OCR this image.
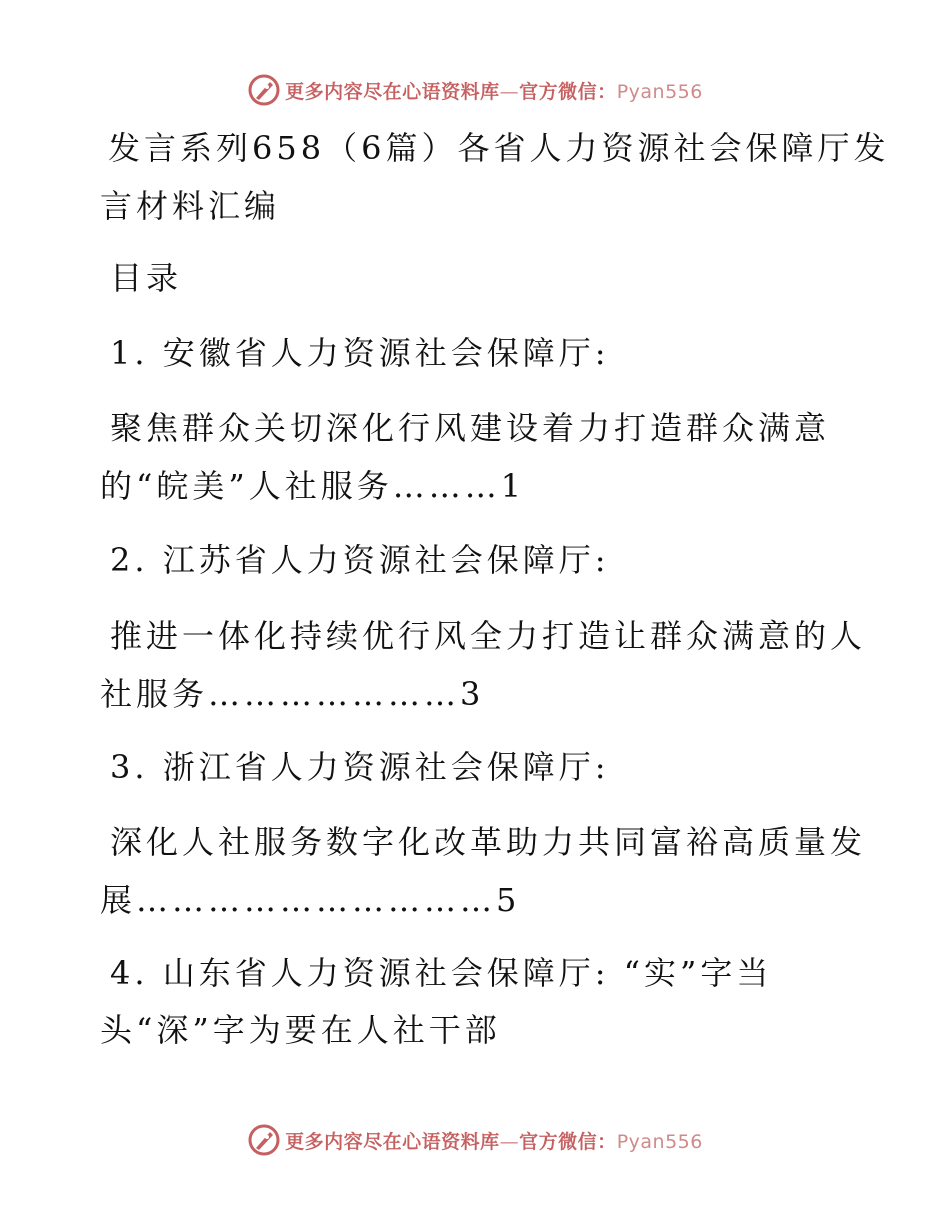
更多内容尽在心语资料库—官方微信：Pyan556
发言系列658（6篇）各省人力资源社会保障厅发
言材料汇编
目录
1. 安徽省人力资源社会保障厅:
聚焦群众关切深化行风建设着力打造群众满意
的“皖美”人社服务………1
2. 江苏省人力资源社会保障厅:
推进一体化持续优行风全力打造让群众满意的人
社服务…………………3
3. 浙江省人力资源社会保障厅:
深化人社服务数字化改革助力共同富裕高质量发
展…………………………5
4. 山东省人力资源社会保障厅: “实”字当
头“深”字为要在人社干部
更多内容尽在心语资料库—官方微信：Pyan556
